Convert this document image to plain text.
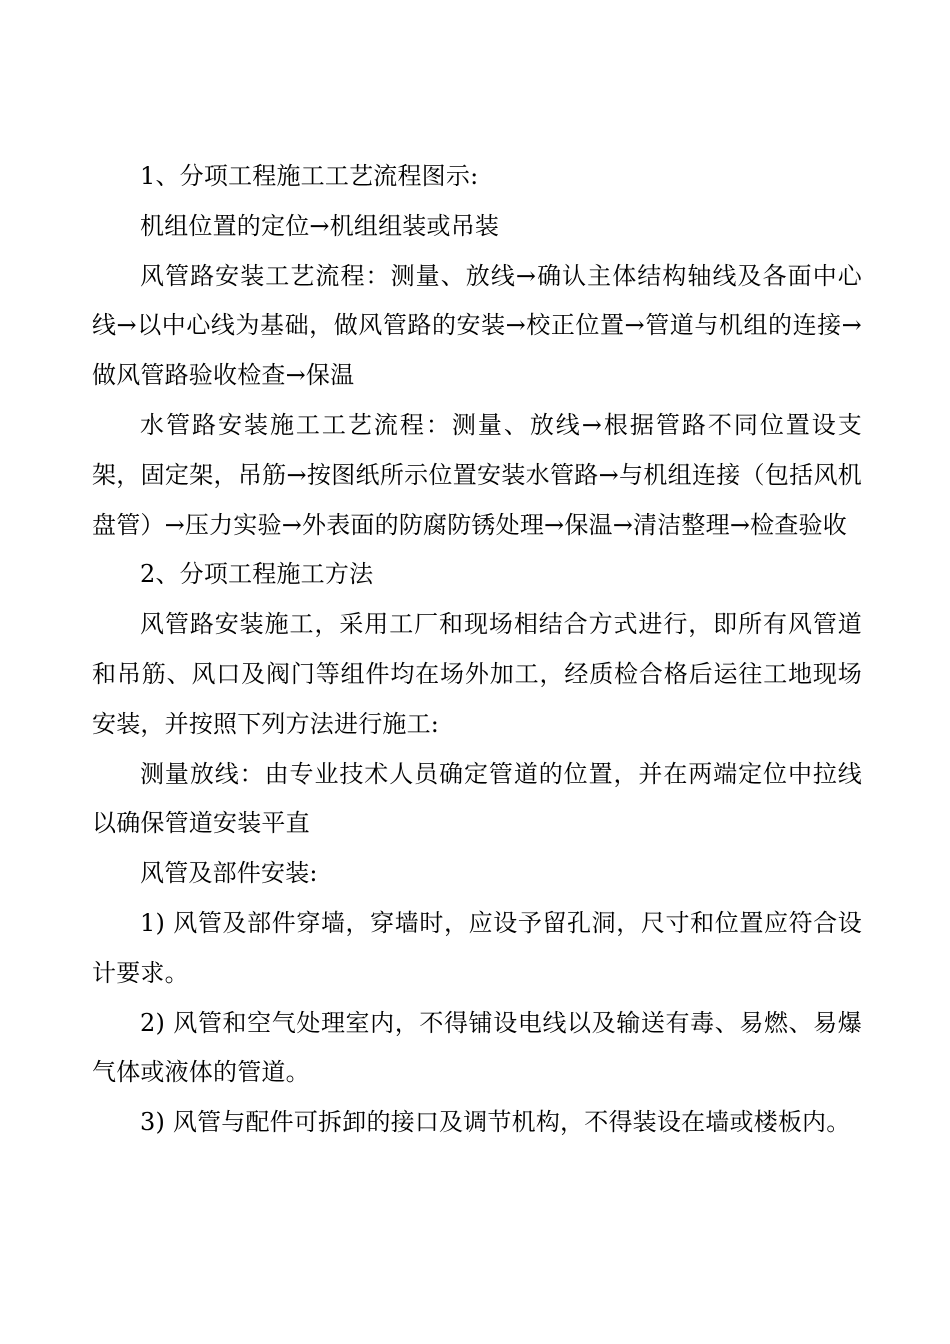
1、分项工程施工工艺流程图示:

机组位置的定位→机组组装或吊装

风管路安装工艺流程：测量、放线→确认主体结构轴线及各面中心线→以中心线为基础，做风管路的安装→校正位置→管道与机组的连接→做风管路验收检查→保温

水管路安装施工工艺流程：测量、放线→根据管路不同位置设支架，固定架，吊筋→按图纸所示位置安装水管路→与机组连接（包括风机盘管）→压力实验→外表面的防腐防锈处理→保温→清洁整理→检查验收

2、分项工程施工方法

风管路安装施工，采用工厂和现场相结合方式进行，即所有风管道和吊筋、风口及阀门等组件均在场外加工，经质检合格后运往工地现场安装，并按照下列方法进行施工:

测量放线：由专业技术人员确定管道的位置，并在两端定位中拉线以确保管道安装平直

风管及部件安装:

1) 风管及部件穿墙，穿墙时，应设予留孔洞，尺寸和位置应符合设计要求。

2) 风管和空气处理室内，不得铺设电线以及输送有毒、易燃、易爆气体或液体的管道。

3) 风管与配件可拆卸的接口及调节机构，不得装设在墙或楼板内。
